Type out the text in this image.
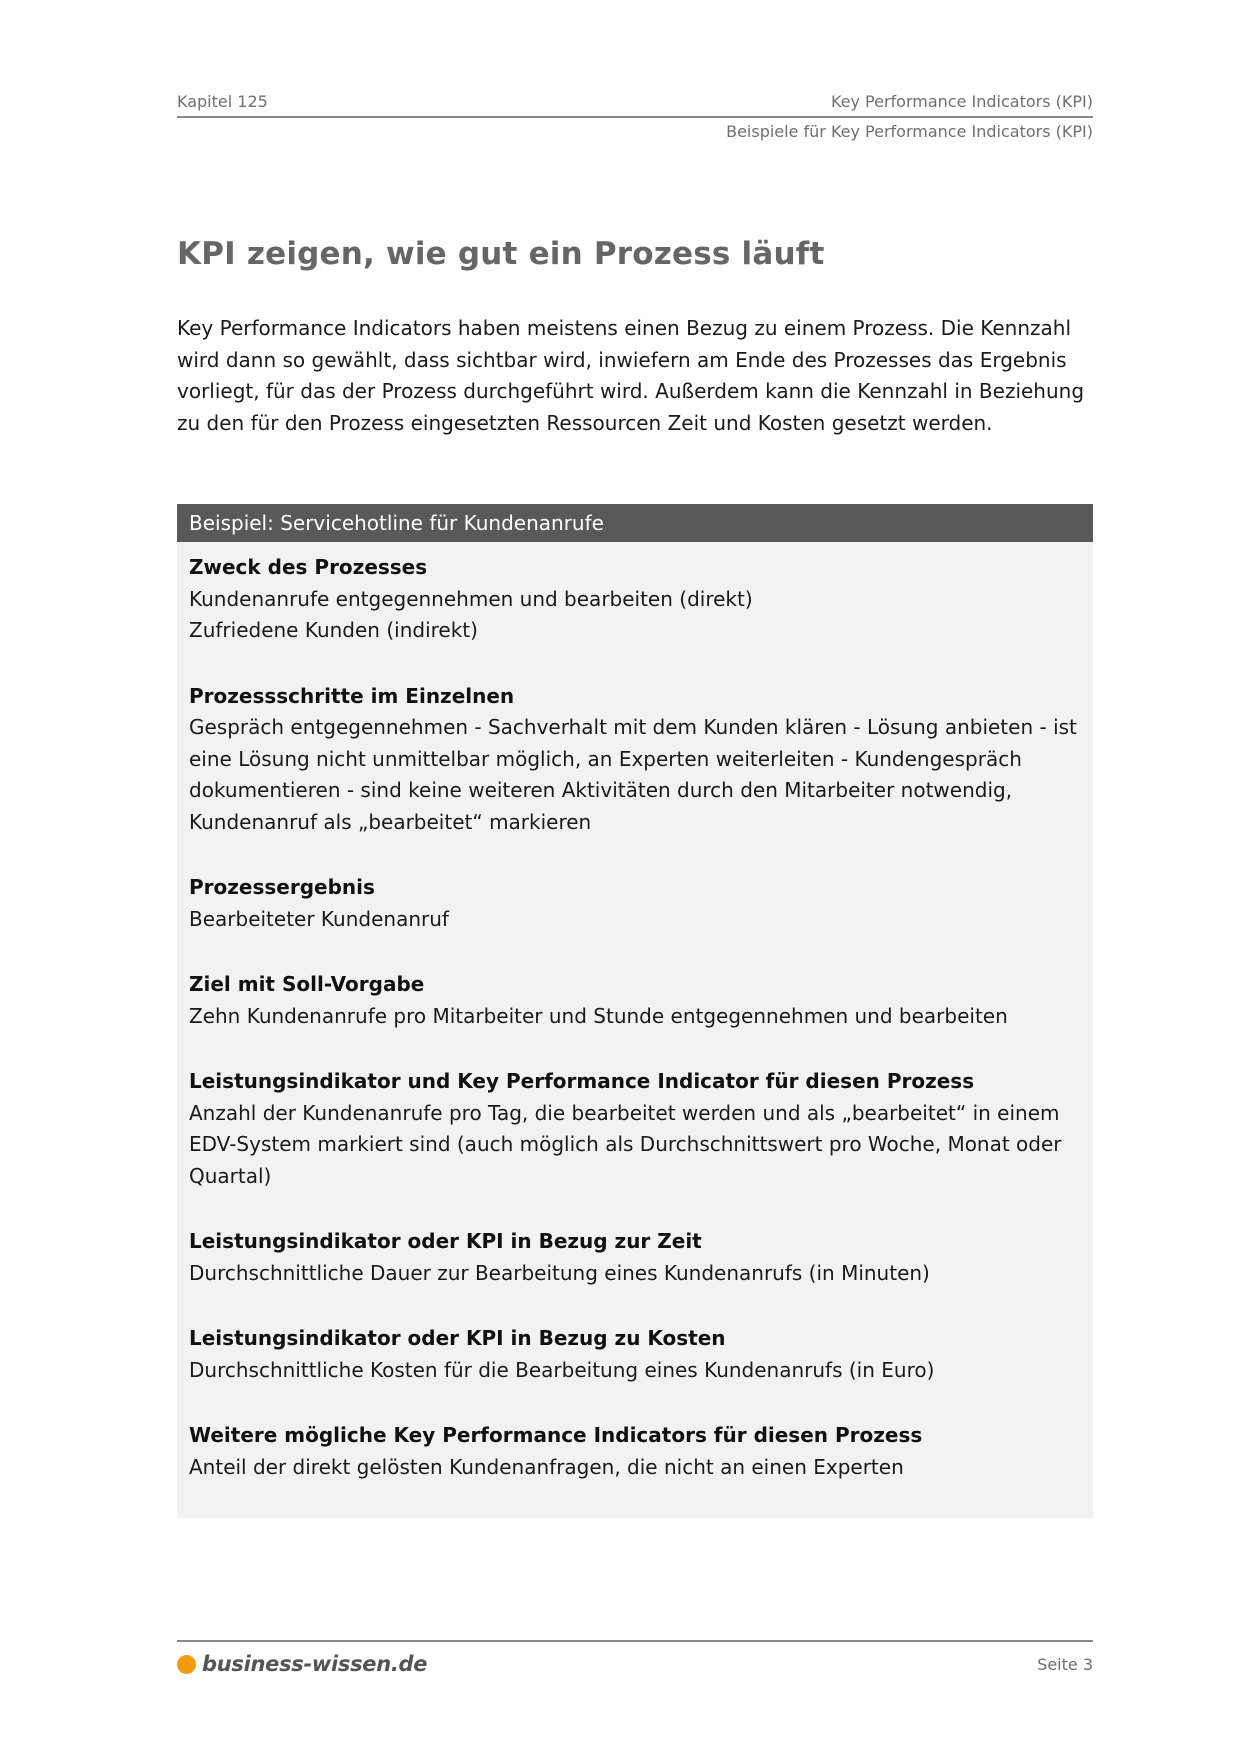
Kapitel 125	Key Performance Indicators (KPI)
Beispiele für Key Performance Indicators (KPI)
KPI zeigen, wie gut ein Prozess läuft

Key Performance Indicators haben meistens einen Bezug zu einem Prozess. Die Kennzahl wird dann so gewählt, dass sichtbar wird, inwiefern am Ende des Prozesses das Ergebnis vorliegt, für das der Prozess durchgeführt wird. Außerdem kann die Kennzahl in Beziehung zu den für den Prozess eingesetzten Ressourcen Zeit und Kosten gesetzt werden.

Beispiel: Servicehotline für Kundenanrufe
Zweck des Prozesses
Kundenanrufe entgegennehmen und bearbeiten (direkt)
Zufriedene Kunden (indirekt)
Prozessschritte im Einzelnen
Gespräch entgegennehmen - Sachverhalt mit dem Kunden klären - Lösung anbieten - ist eine Lösung nicht unmittelbar möglich, an Experten weiterleiten - Kundengespräch dokumentieren - sind keine weiteren Aktivitäten durch den Mitarbeiter notwendig, Kundenanruf als „bearbeitet“ markieren
Prozessergebnis
Bearbeiteter Kundenanruf
Ziel mit Soll-Vorgabe
Zehn Kundenanrufe pro Mitarbeiter und Stunde entgegennehmen und bearbeiten
Leistungsindikator und Key Performance Indicator für diesen Prozess
Anzahl der Kundenanrufe pro Tag, die bearbeitet werden und als „bearbeitet“ in einem EDV-System markiert sind (auch möglich als Durchschnittswert pro Woche, Monat oder Quartal)
Leistungsindikator oder KPI in Bezug zur Zeit
Durchschnittliche Dauer zur Bearbeitung eines Kundenanrufs (in Minuten)
Leistungsindikator oder KPI in Bezug zu Kosten
Durchschnittliche Kosten für die Bearbeitung eines Kundenanrufs (in Euro)
Weitere mögliche Key Performance Indicators für diesen Prozess
Anteil der direkt gelösten Kundenanfragen, die nicht an einen Experten
business-wissen.de	Seite 3
